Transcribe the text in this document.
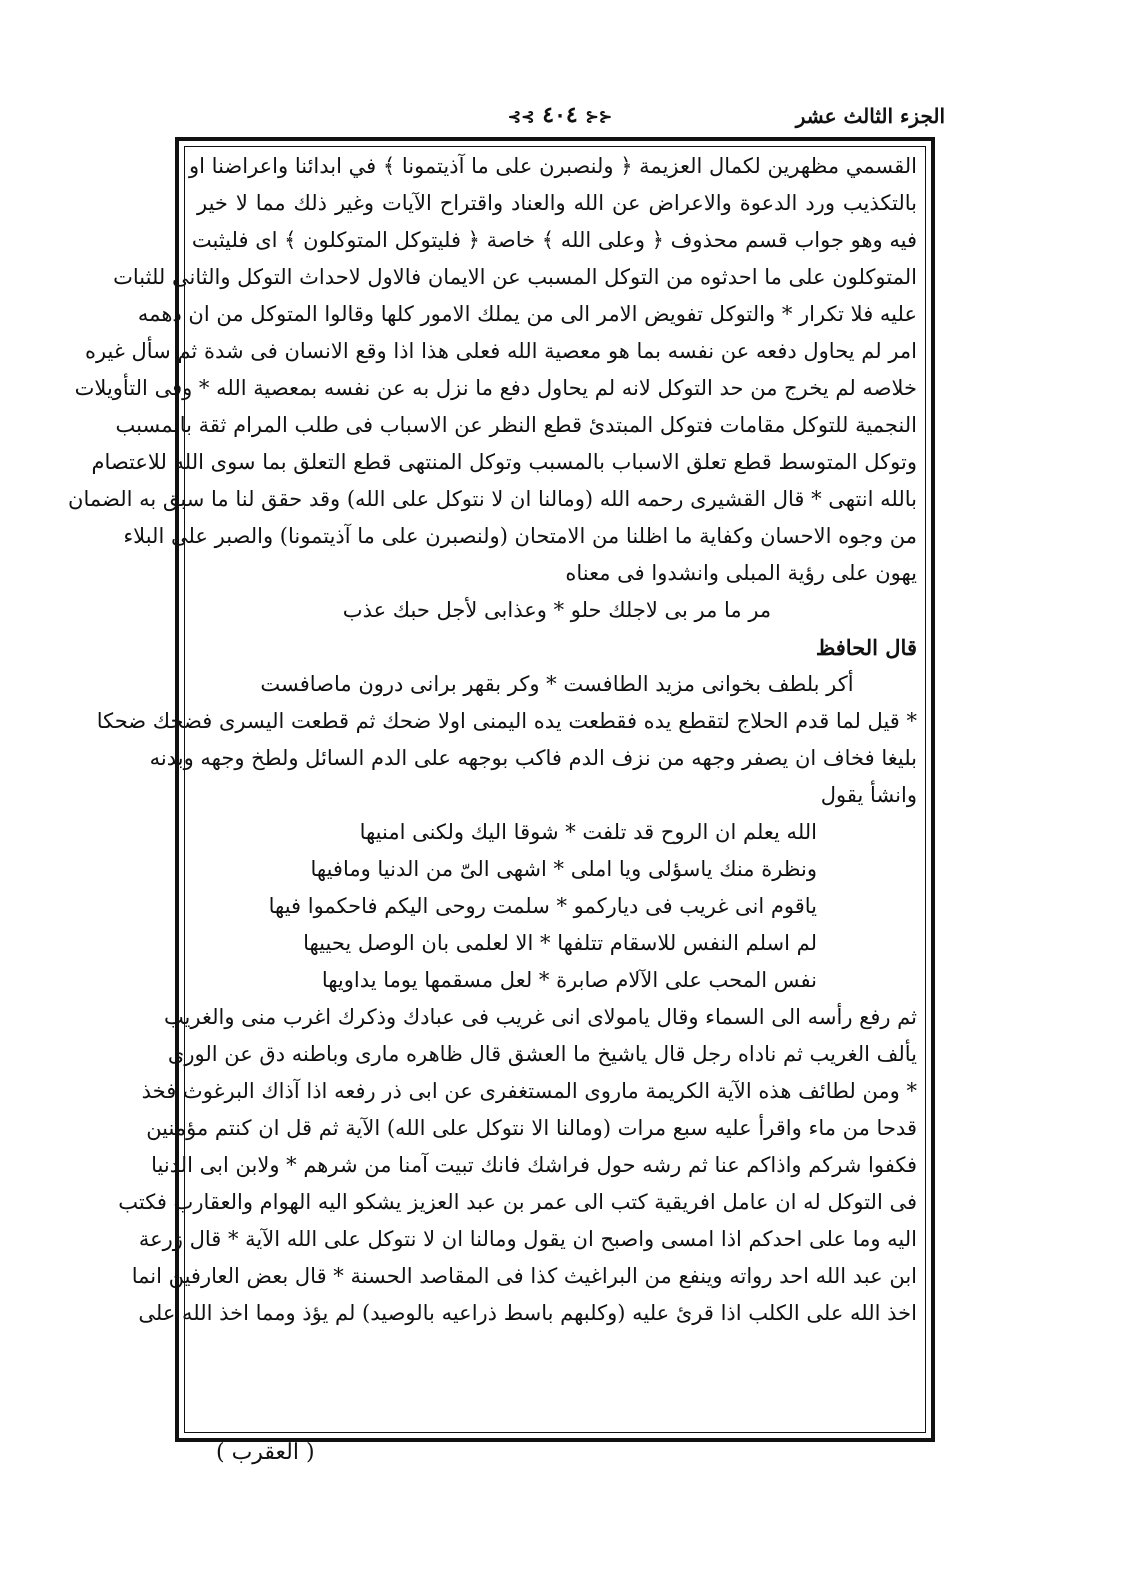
الجزء الثالث عشر
⊰⊰ ٤٠٤ ⊱⊱
القسمي مظهرين لكمال العزيمة ﴿ ولنصبرن على ما آذيتمونا ﴾ في ابدائنا واعراضنا او
بالتكذيب ورد الدعوة والاعراض عن الله والعناد واقتراح الآيات وغير ذلك مما لا خير
فيه وهو جواب قسم محذوف ﴿ وعلى الله ﴾ خاصة ﴿ فليتوكل المتوكلون ﴾ اى فليثبت
المتوكلون على ما احدثوه من التوكل المسبب عن الايمان فالاول لاحداث التوكل والثانى للثبات
عليه فلا تكرار * والتوكل تفويض الامر الى من يملك الامور كلها وقالوا المتوكل من ان دهمه
امر لم يحاول دفعه عن نفسه بما هو معصية الله فعلى هذا اذا وقع الانسان فى شدة ثم سأل غيره
خلاصه لم يخرج من حد التوكل لانه لم يحاول دفع ما نزل به عن نفسه بمعصية الله * وفى التأويلات
النجمية للتوكل مقامات فتوكل المبتدئ قطع النظر عن الاسباب فى طلب المرام ثقة بالمسبب
وتوكل المتوسط قطع تعلق الاسباب بالمسبب وتوكل المنتهى قطع التعلق بما سوى الله للاعتصام
بالله انتهى * قال القشيرى رحمه الله (ومالنا ان لا نتوكل على الله) وقد حقق لنا ما سبق به الضمان
من وجوه الاحسان وكفاية ما اظلنا من الامتحان (ولنصبرن على ما آذيتمونا) والصبر على البلاء
يهون على رؤية المبلى وانشدوا فى معناه
مر ما مر بى لاجلك حلو * وعذابى لأجل حبك عذب
قال الحافظ
أكر بلطف بخوانى مزيد الطافست * وكر بقهر برانى درون ماصافست
* قيل لما قدم الحلاج لتقطع يده فقطعت يده اليمنى اولا ضحك ثم قطعت اليسرى فضحك ضحكا
بليغا فخاف ان يصفر وجهه من نزف الدم فاكب بوجهه على الدم السائل ولطخ وجهه وبدنه
وانشأ يقول
الله يعلم ان الروح قد تلفت * شوقا اليك ولكنى امنيها
ونظرة منك ياسؤلى ويا املى * اشهى الىّ من الدنيا ومافيها
ياقوم انى غريب فى دياركمو * سلمت روحى اليكم فاحكموا فيها
لم اسلم النفس للاسقام تتلفها * الا لعلمى بان الوصل يحييها
نفس المحب على الآلام صابرة * لعل مسقمها يوما يداويها
ثم رفع رأسه الى السماء وقال يامولاى انى غريب فى عبادك وذكرك اغرب منى والغريب
يألف الغريب ثم ناداه رجل قال ياشيخ ما العشق قال ظاهره مارى وباطنه دق عن الورى
* ومن لطائف هذه الآية الكريمة ماروى المستغفرى عن ابى ذر رفعه اذا آذاك البرغوث فخذ
قدحا من ماء واقرأ عليه سبع مرات (ومالنا الا نتوكل على الله) الآية ثم قل ان كنتم مؤمنين
فكفوا شركم واذاكم عنا ثم رشه حول فراشك فانك تبيت آمنا من شرهم * ولابن ابى الدنيا
فى التوكل له ان عامل افريقية كتب الى عمر بن عبد العزيز يشكو اليه الهوام والعقارب فكتب
اليه وما على احدكم اذا امسى واصبح ان يقول ومالنا ان لا نتوكل على الله الآية * قال زرعة
ابن عبد الله احد رواته وينفع من البراغيث كذا فى المقاصد الحسنة * قال بعض العارفين انما
اخذ الله على الكلب اذا قرئ عليه (وكلبهم باسط ذراعيه بالوصيد) لم يؤذ ومما اخذ الله على
( العقرب )
